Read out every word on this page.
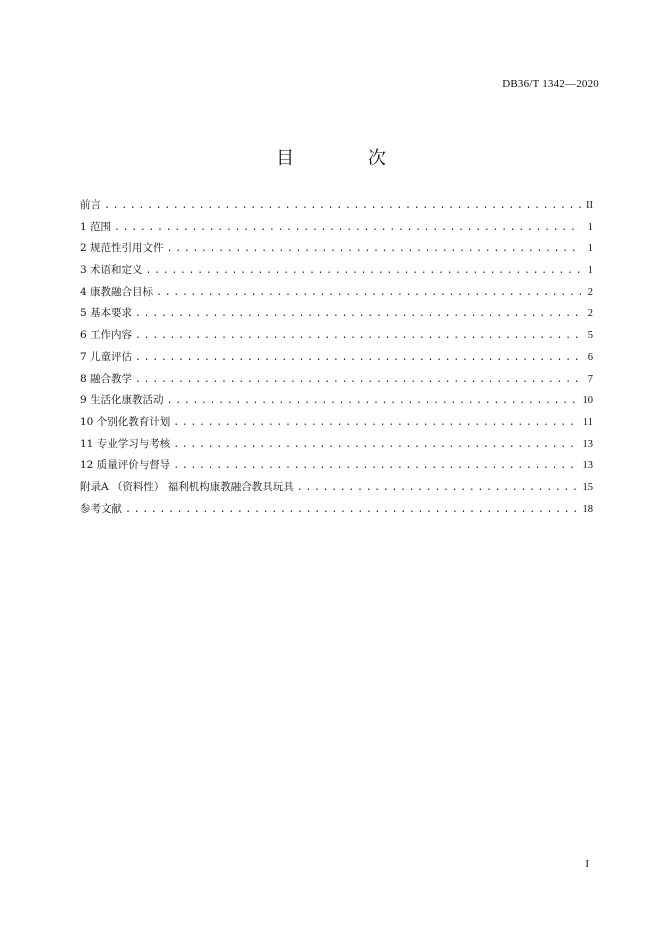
DB36/T 1342—2020
目 次
前言 .....	II
1 范围 .....	1
2 规范性引用文件 .....	1
3 术语和定义 .....	1
4 康教融合目标 .....	2
5 基本要求 .....	2
6 工作内容 .....	5
7 儿童评估 .....	6
8 融合教学 .....	7
9 生活化康教活动 .....	10
10 个别化教育计划 .....	11
11 专业学习与考核 .....	13
12 质量评价与督导 .....	13
附录A （资料性） 福利机构康教融合教具玩具 .....	15
参考文献 .....	18
I
